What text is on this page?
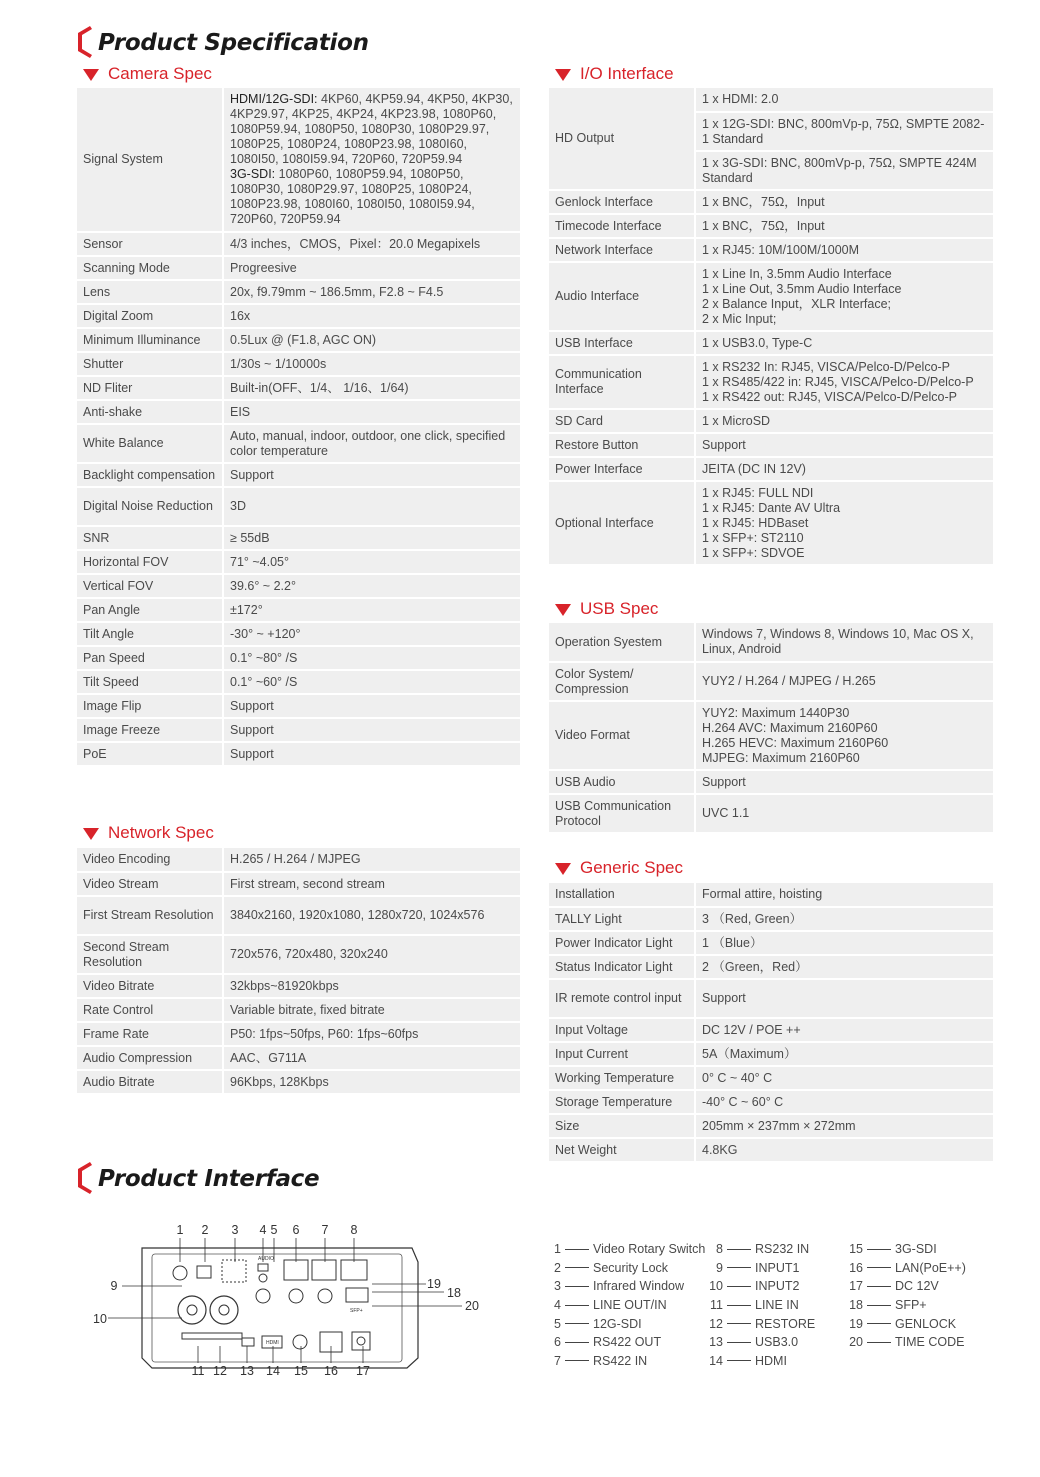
Product Specification
Camera Spec	I/O Interface
Signal System	HDMI/12G-SDI: 4KP60, 4KP59.94, 4KP50, 4KP30, 4KP29.97, 4KP25, 4KP24, 4KP23.98, 1080P60, 1080P59.94, 1080P50, 1080P30, 1080P29.97, 1080P25, 1080P24, 1080P23.98, 1080I60, 1080I50, 1080I59.94, 720P60, 720P59.94
3G-SDI: 1080P60, 1080P59.94, 1080P50, 1080P30, 1080P29.97, 1080P25, 1080P24, 1080P23.98, 1080I60, 1080I50, 1080I59.94, 720P60, 720P59.94
Sensor	4/3 inches，CMOS，Pixel：20.0 Megapixels
Scanning Mode	Progreesive
Lens	20x, f9.79mm ~ 186.5mm, F2.8 ~ F4.5
Digital Zoom	16x
Minimum Illuminance	0.5Lux @ (F1.8, AGC ON)
Shutter	1/30s ~ 1/10000s
ND Fliter	Built-in(OFF、1/4、 1/16、1/64)
Anti-shake	EIS
White Balance	Auto, manual, indoor, outdoor, one click, specified color temperature
Backlight compensation	Support
Digital Noise Reduction	3D
SNR	≥ 55dB
Horizontal FOV	71° ~4.05°
Vertical FOV	39.6° ~ 2.2°
Pan Angle	±172°
Tilt Angle	-30° ~ +120°
Pan Speed	0.1° ~80° /S
Tilt Speed	0.1° ~60° /S
Image Flip	Support
Image Freeze	Support
PoE	Support
Network Spec
Video Encoding	H.265 / H.264 / MJPEG
Video Stream	First stream, second stream
First Stream Resolution	3840x2160, 1920x1080, 1280x720, 1024x576
Second Stream Resolution	720x576, 720x480, 320x240
Video Bitrate	32kbps~81920kbps
Rate Control	Variable bitrate, fixed bitrate
Frame Rate	P50: 1fps~50fps, P60: 1fps~60fps
Audio Compression	AAC、G711A
Audio Bitrate	96Kbps, 128Kbps
HD Output	1 x HDMI: 2.0
	1 x 12G-SDI: BNC, 800mVp-p, 75Ω, SMPTE 2082-1 Standard
	1 x 3G-SDI: BNC, 800mVp-p, 75Ω, SMPTE 424M Standard
Genlock Interface	1 x BNC，75Ω，Input
Timecode Interface	1 x BNC，75Ω，Input
Network Interface	1 x RJ45: 10M/100M/1000M
Audio Interface	1 x Line In, 3.5mm Audio Interface
1 x Line Out, 3.5mm Audio Interface
2 x Balance Input，XLR Interface;
2 x Mic Input;
USB Interface	1 x USB3.0, Type-C
Communication Interface	1 x RS232 In: RJ45, VISCA/Pelco-D/Pelco-P
1 x RS485/422 in: RJ45, VISCA/Pelco-D/Pelco-P
1 x RS422 out: RJ45, VISCA/Pelco-D/Pelco-P
SD Card	1 x MicroSD
Restore Button	Support
Power Interface	JEITA (DC IN 12V)
Optional Interface	1 x RJ45: FULL NDI
1 x RJ45: Dante AV Ultra
1 x RJ45: HDBaset
1 x SFP+: ST2110
1 x SFP+: SDVOE
USB Spec
Operation Syestem	Windows 7, Windows 8, Windows 10, Mac OS X, Linux, Android
Color System/ Compression	YUY2 / H.264 / MJPEG / H.265
Video Format	YUY2: Maximum 1440P30
H.264 AVC: Maximum 2160P60
H.265 HEVC: Maximum 2160P60
MJPEG: Maximum 2160P60
USB Audio	Support
USB Communication Protocol	UVC 1.1
Generic Spec
Installation	Formal attire, hoisting
TALLY Light	3 （Red, Green）
Power Indicator Light	1 （Blue）
Status Indicator Light	2 （Green，Red）
IR remote control input	Support
Input Voltage	DC 12V / POE ++
Input Current	5A（Maximum）
Working Temperature	0° C ~ 40° C
Storage Temperature	-40° C ~ 60° C
Size	205mm × 237mm × 272mm
Net Weight	4.8KG
Product Interface
AUDIO
HDMI
SFP+
1 2 3 4 5 6 7 8
11 12 13 14 15 16 17
9
10
19
18
20
1	Video Rotary Switch
2	Security Lock
3	Infrared Window
4	LINE OUT/IN
5	12G-SDI
6	RS422 OUT
7	RS422 IN
8	RS232 IN
9	INPUT1
10	INPUT2
11	LINE IN
12	RESTORE
13	USB3.0
14	HDMI
15	3G-SDI
16	LAN(PoE++)
17	DC 12V
18	SFP+
19	GENLOCK
20	TIME CODE
